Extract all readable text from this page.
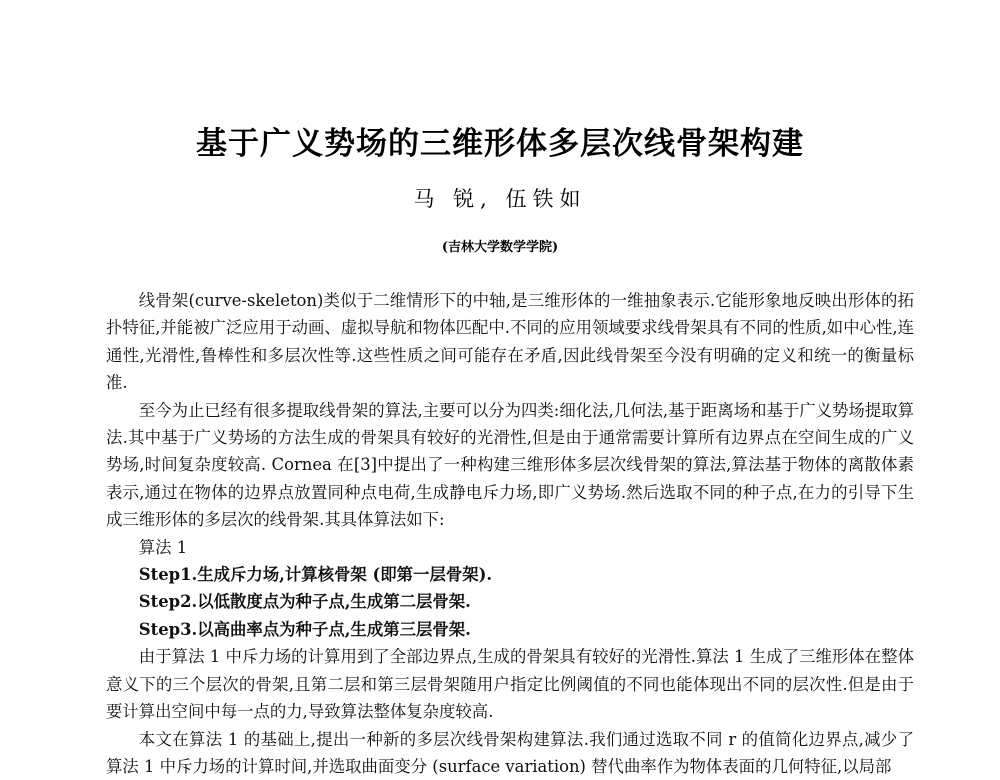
基于广义势场的三维形体多层次线骨架构建
马 锐, 伍铁如
(吉林大学数学学院)

线骨架(curve-skeleton)类似于二维情形下的中轴,是三维形体的一维抽象表示.它能形象地反映出形体的拓扑特征,并能被广泛应用于动画、虚拟导航和物体匹配中.不同的应用领域要求线骨架具有不同的性质,如中心性,连通性,光滑性,鲁棒性和多层次性等.这些性质之间可能存在矛盾,因此线骨架至今没有明确的定义和统一的衡量标准.

至今为止已经有很多提取线骨架的算法,主要可以分为四类:细化法,几何法,基于距离场和基于广义势场提取算法.其中基于广义势场的方法生成的骨架具有较好的光滑性,但是由于通常需要计算所有边界点在空间生成的广义势场,时间复杂度较高. Cornea 在[3]中提出了一种构建三维形体多层次线骨架的算法,算法基于物体的离散体素表示,通过在物体的边界点放置同种点电荷,生成静电斥力场,即广义势场.然后选取不同的种子点,在力的引导下生成三维形体的多层次的线骨架.其具体算法如下:

算法 1

Step1.生成斥力场,计算核骨架 (即第一层骨架).

Step2.以低散度点为种子点,生成第二层骨架.

Step3.以高曲率点为种子点,生成第三层骨架.

由于算法 1 中斥力场的计算用到了全部边界点,生成的骨架具有较好的光滑性.算法 1 生成了三维形体在整体意义下的三个层次的骨架,且第二层和第三层骨架随用户指定比例阈值的不同也能体现出不同的层次性.但是由于要计算出空间中每一点的力,导致算法整体复杂度较高.

本文在算法 1 的基础上,提出一种新的多层次线骨架构建算法.我们通过选取不同 r 的值简化边界点,减少了算法 1 中斥力场的计算时间,并选取曲面变分 (surface variation) 替代曲率作为物体表面的几何特征,以局部
